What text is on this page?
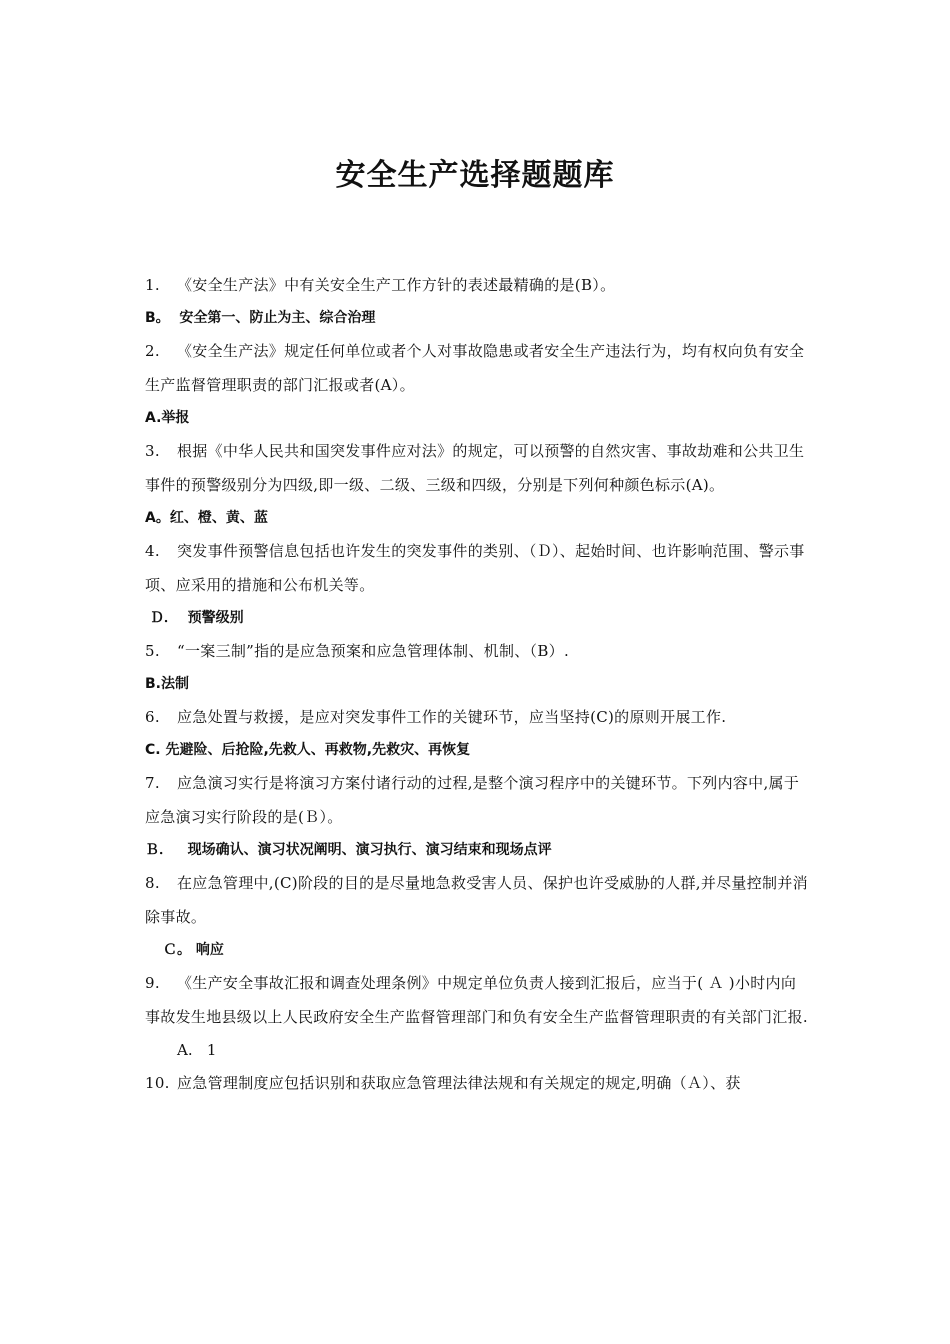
安全生产选择题题库

1. 《安全生产法》中有关安全生产工作方针的表述最精确的是(B）。

B。  安全第一、防止为主、综合治理

2. 《安全生产法》规定任何单位或者个人对事故隐患或者安全生产违法行为，均有权向负有安全生产监督管理职责的部门汇报或者(A）。

A.举报

3. 根据《中华人民共和国突发事件应对法》的规定，可以预警的自然灾害、事故劫难和公共卫生事件的预警级别分为四级,即一级、二级、三级和四级，分别是下列何种颜色标示(A)。

A。红、橙、黄、蓝

4. 突发事件预警信息包括也许发生的突发事件的类别、（Ｄ）、起始时间、也许影响范围、警示事项、应采用的措施和公布机关等。

Ｄ．  预警级别

5. “一案三制”指的是应急预案和应急管理体制、机制、（B）.

B.法制

6. 应急处置与救援，是应对突发事件工作的关键环节，应当坚持(C)的原则开展工作.

C. 先避险、后抢险,先救人、再救物,先救灾、再恢复

7. 应急演习实行是将演习方案付诸行动的过程,是整个演习程序中的关键环节。下列内容中,属于应急演习实行阶段的是(Ｂ）。

Ｂ．   现场确认、演习状况阐明、演习执行、演习结束和现场点评

8. 在应急管理中,(C)阶段的目的是尽量地急救受害人员、保护也许受威胁的人群,并尽量控制并消除事故。

Ｃ。 响应

9. 《生产安全事故汇报和调查处理条例》中规定单位负责人接到汇报后，应当于( Ａ )小时内向事故发生地县级以上人民政府安全生产监督管理部门和负有安全生产监督管理职责的有关部门汇报.

A.   1

10. 应急管理制度应包括识别和获取应急管理法律法规和有关规定的规定,明确（Ａ）、获
